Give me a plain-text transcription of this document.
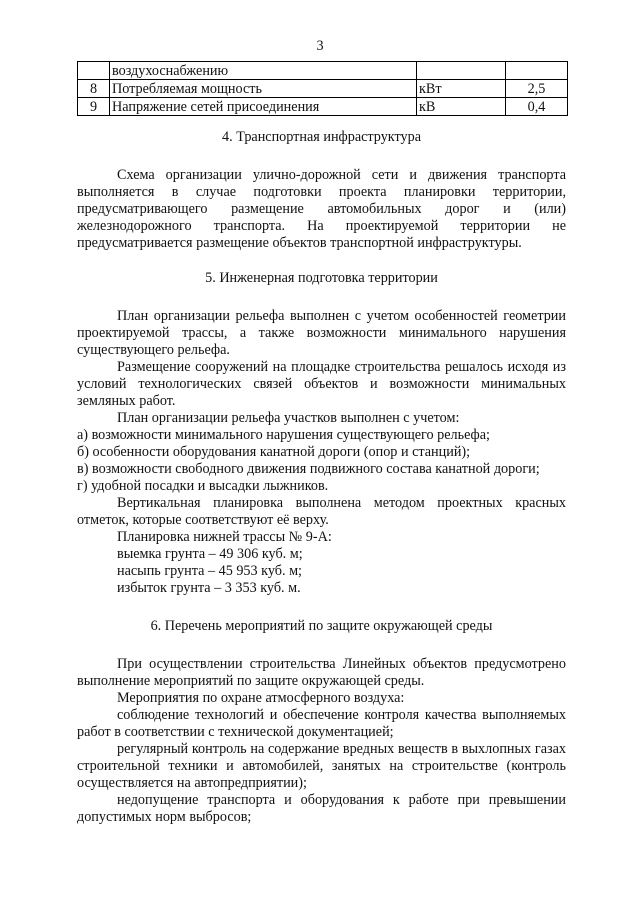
3
	воздухоснабжению		
8	Потребляемая мощность	кВт	2,5
9	Напряжение сетей присоединения	кВ	0,4

4. Транспортная инфраструктура

Схема организации улично-дорожной сети и движения транспорта выполняется в случае подготовки проекта планировки территории, предусматривающего размещение автомобильных дорог и (или) железнодорожного транспорта. На проектируемой территории не предусматривается размещение объектов транспортной инфраструктуры.

5. Инженерная подготовка территории

План организации рельефа выполнен с учетом особенностей геометрии проектируемой трассы, а также возможности минимального нарушения существующего рельефа.

Размещение сооружений на площадке строительства решалось исходя из условий технологических связей объектов и возможности минимальных земляных работ.

План организации рельефа участков выполнен с учетом:

а) возможности минимального нарушения существующего рельефа;

б) особенности оборудования канатной дороги (опор и станций);

в) возможности свободного движения подвижного состава канатной дороги;

г) удобной посадки и высадки лыжников.

Вертикальная планировка выполнена методом проектных красных отметок, которые соответствуют её верху.

Планировка нижней трассы № 9-А:

выемка грунта – 49 306 куб. м;

насыпь грунта – 45 953 куб. м;

избыток грунта – 3 353 куб. м.

6. Перечень мероприятий по защите окружающей среды

При осуществлении строительства Линейных объектов предусмотрено выполнение мероприятий по защите окружающей среды.

Мероприятия по охране атмосферного воздуха:

соблюдение технологий и обеспечение контроля качества выполняемых работ в соответствии с технической документацией;

регулярный контроль на содержание вредных веществ в выхлопных газах строительной техники и автомобилей, занятых на строительстве (контроль осуществляется на автопредприятии);

недопущение транспорта и оборудования к работе при превышении допустимых норм выбросов;
